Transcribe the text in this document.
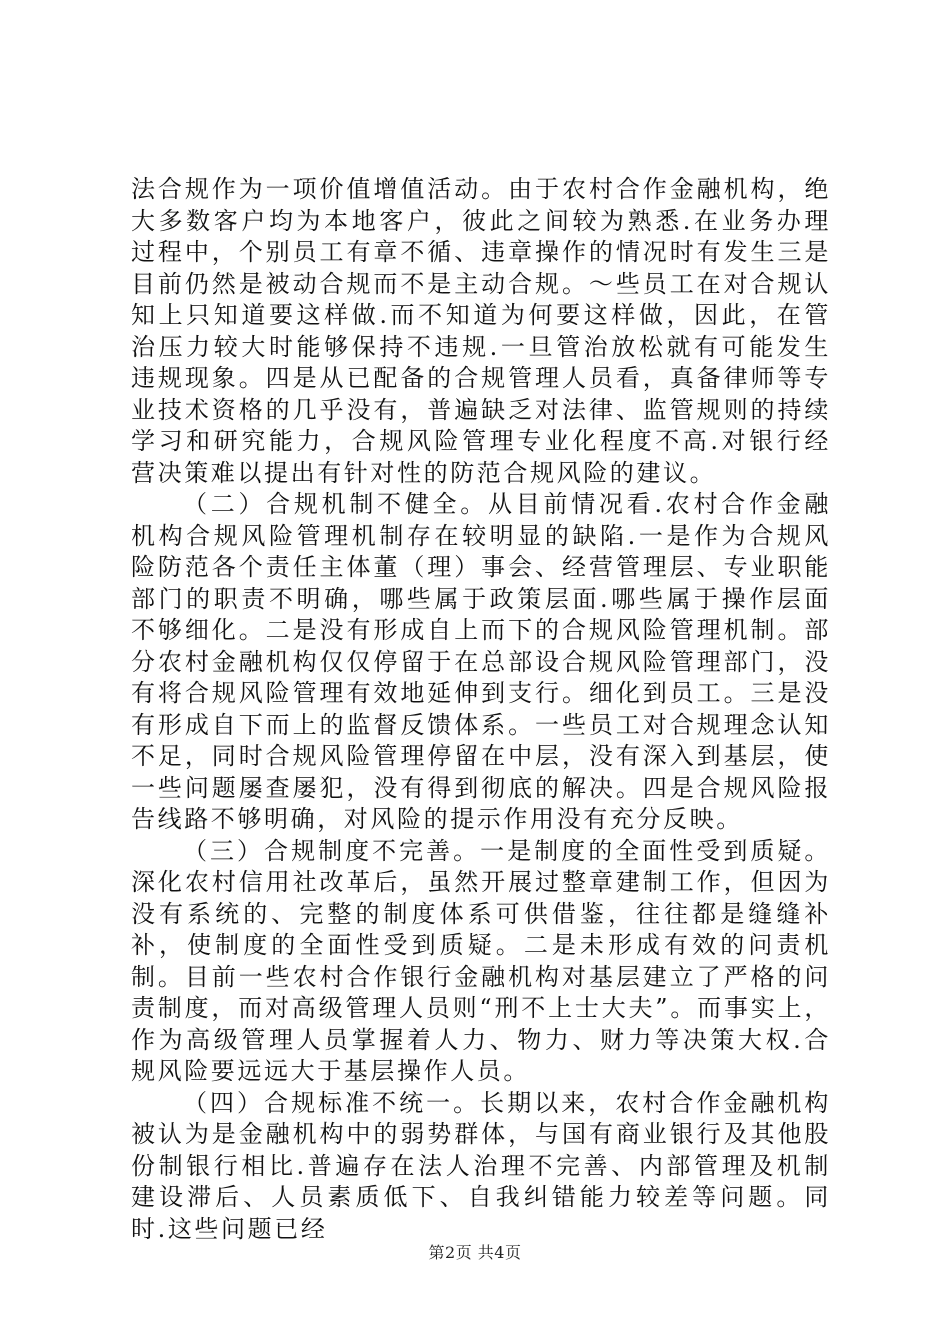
法合规作为一项价值增值活动。由于农村合作金融机构，绝大多数客户均为本地客户，彼此之间较为熟悉.在业务办理过程中，个别员工有章不循、违章操作的情况时有发生三是目前仍然是被动合规而不是主动合规。～些员工在对合规认知上只知道要这样做.而不知道为何要这样做，因此，在管治压力较大时能够保持不违规.一旦管治放松就有可能发生违规现象。四是从已配备的合规管理人员看，真备律师等专业技术资格的几乎没有，普遍缺乏对法律、监管规则的持续学习和研究能力，合规风险管理专业化程度不高.对银行经营决策难以提出有针对性的防范合规风险的建议。

（二）合规机制不健全。从目前情况看.农村合作金融机构合规风险管理机制存在较明显的缺陷.一是作为合规风险防范各个责任主体董（理）事会、经营管理层、专业职能部门的职责不明确，哪些属于政策层面.哪些属于操作层面不够细化。二是没有形成自上而下的合规风险管理机制。部分农村金融机构仅仅停留于在总部设合规风险管理部门，没有将合规风险管理有效地延伸到支行。细化到员工。三是没有形成自下而上的监督反馈体系。一些员工对合规理念认知不足，同时合规风险管理停留在中层，没有深入到基层，使一些问题屡查屡犯，没有得到彻底的解决。四是合规风险报告线路不够明确，对风险的提示作用没有充分反映。

（三）合规制度不完善。一是制度的全面性受到质疑。深化农村信用社改革后，虽然开展过整章建制工作，但因为没有系统的、完整的制度体系可供借鉴，往往都是缝缝补补，使制度的全面性受到质疑。二是未形成有效的问责机制。目前一些农村合作银行金融机构对基层建立了严格的问责制度，而对高级管理人员则“刑不上士大夫”。而事实上，作为高级管理人员掌握着人力、物力、财力等决策大权.合规风险要远远大于基层操作人员。

（四）合规标准不统一。长期以来，农村合作金融机构被认为是金融机构中的弱势群体，与国有商业银行及其他股份制银行相比.普遍存在法人治理不完善、内部管理及机制建设滞后、人员素质低下、自我纠错能力较差等问题。同时.这些问题已经

第2页 共4页
